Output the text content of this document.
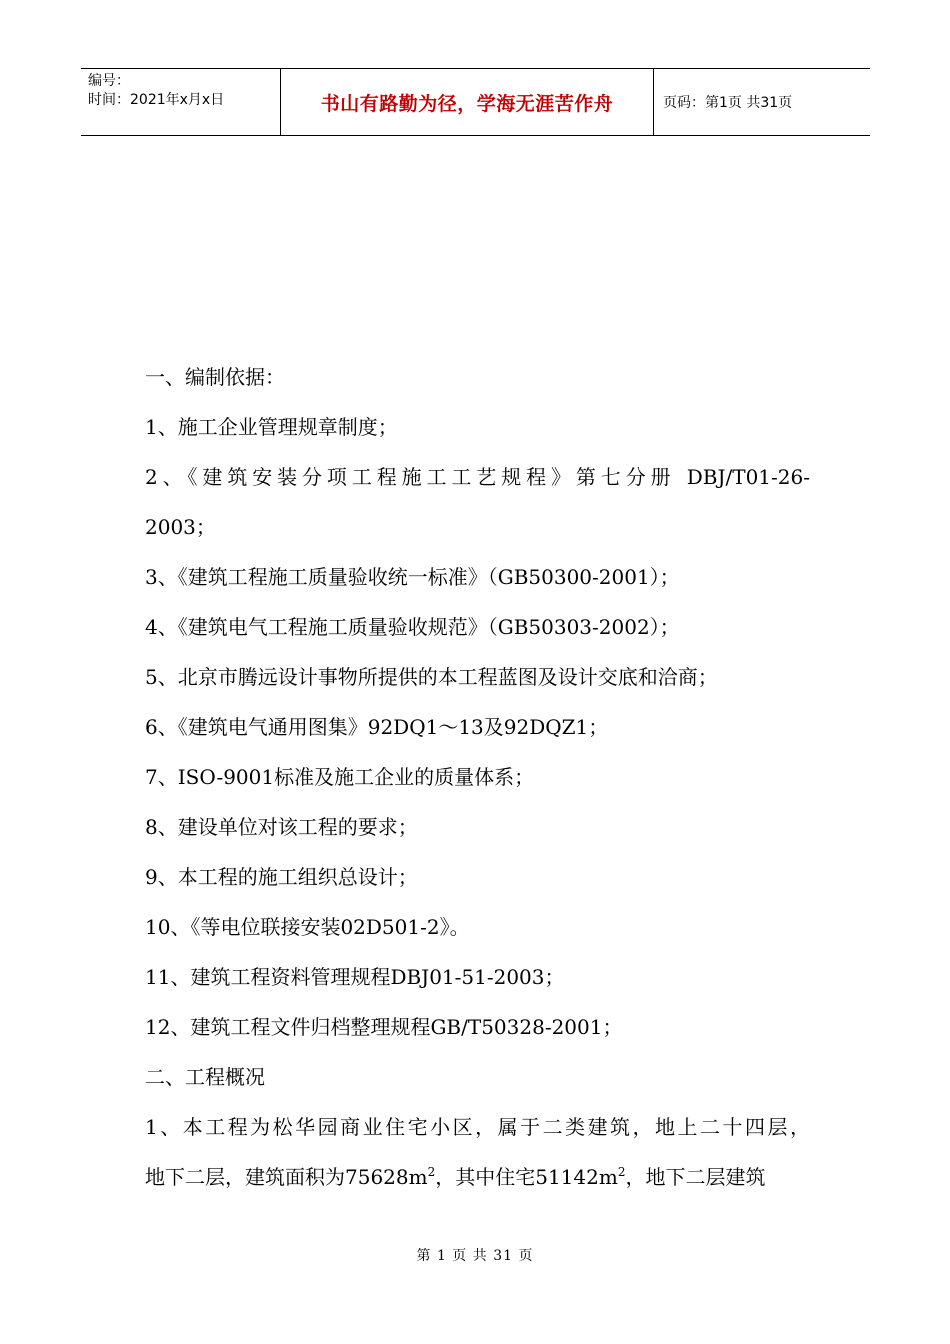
编号：
时间：2021年x月x日	书山有路勤为径，学海无涯苦作舟	页码：第1页 共31页
一、编制依据：
1、施工企业管理规章制度；
2、《建筑安装分项工程施工工艺规程》第七分册 DBJ/T01-26-
2003；
3、《建筑工程施工质量验收统一标准》（GB50300-2001）；
4、《建筑电气工程施工质量验收规范》（GB50303-2002）；
5、北京市腾远设计事物所提供的本工程蓝图及设计交底和洽商；
6、《建筑电气通用图集》92DQ1～13及92DQZ1；
7、ISO-9001标准及施工企业的质量体系；
8、建设单位对该工程的要求；
9、本工程的施工组织总设计；
10、《等电位联接安装02D501-2》。
11、建筑工程资料管理规程DBJ01-51-2003；
12、建筑工程文件归档整理规程GB/T50328-2001；
二、工程概况
1、本工程为松华园商业住宅小区，属于二类建筑，地上二十四层，
地下二层，建筑面积为$75628m^2$，其中住宅$51142m^2$，地下二层建筑
第 1 页 共 31 页
